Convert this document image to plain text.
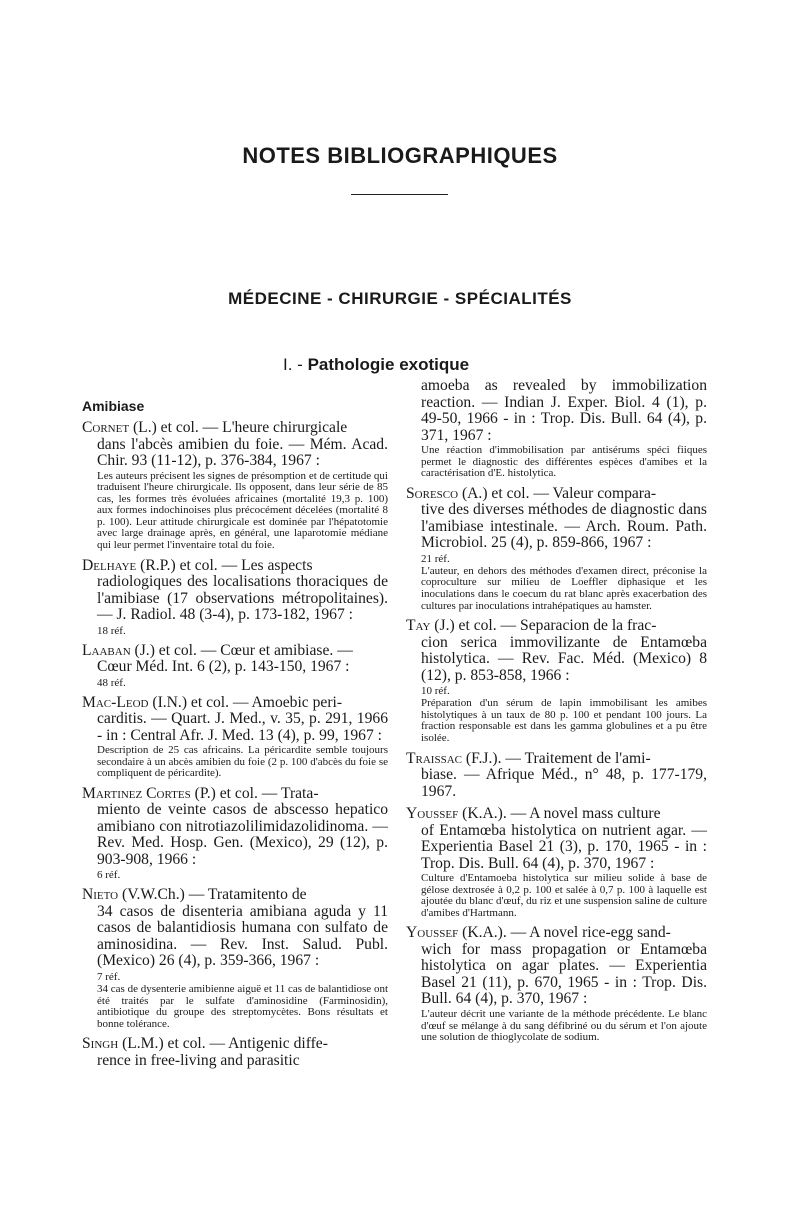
NOTES BIBLIOGRAPHIQUES
MÉDECINE - CHIRURGIE - SPÉCIALITÉS
I. - Pathologie exotique
Amibiase
Cornet (L.) et col. — L'heure chirurgicale
dans l'abcès amibien du foie. — Mém. Acad. Chir. 93 (11-12), p. 376-384, 1967 :
Les auteurs précisent les signes de présomption et de certitude qui traduisent l'heure chirurgicale. Ils opposent, dans leur série de 85 cas, les formes très évoluées africaines (mortalité 19,3 p. 100) aux formes indochinoises plus précocément décelées (mortalité 8 p. 100). Leur attitude chirurgicale est dominée par l'hépatotomie avec large drainage après, en général, une laparotomie médiane qui leur permet l'inventaire total du foie.
Delhaye (R.P.) et col. — Les aspects
radiologiques des localisations thoraciques de l'amibiase (17 observations métropolitaines). — J. Radiol. 48 (3-4), p. 173-182, 1967 :
18 réf.
Laaban (J.) et col. — Cœur et amibiase. —
Cœur Méd. Int. 6 (2), p. 143-150, 1967 :
48 réf.
Mac-Leod (I.N.) et col. — Amoebic peri-
carditis. — Quart. J. Med., v. 35, p. 291, 1966 - in : Central Afr. J. Med. 13 (4), p. 99, 1967 :
Description de 25 cas africains. La péricardite semble toujours secondaire à un abcès amibien du foie (2 p. 100 d'abcès du foie se compliquent de péricardite).
Martinez Cortes (P.) et col. — Trata-
miento de veinte casos de abscesso hepatico amibiano con nitrotiazolilimidazolidinoma. — Rev. Med. Hosp. Gen. (Mexico), 29 (12), p. 903-908, 1966 :
6 réf.
Nieto (V.W.Ch.) — Tratamitento de
34 casos de disenteria amibiana aguda y 11 casos de balantidiosis humana con sulfato de aminosidina. — Rev. Inst. Salud. Publ. (Mexico) 26 (4), p. 359-366, 1967 :
7 réf.
34 cas de dysenterie amibienne aiguë et 11 cas de balantidiose ont été traités par le sulfate d'aminosidine (Farminosidin), antibiotique du groupe des streptomycètes. Bons résultats et bonne tolérance.
Singh (L.M.) et col. — Antigenic diffe-
rence in free-living and parasitic
amoeba as revealed by immobilization reaction. — Indian J. Exper. Biol. 4 (1), p. 49-50, 1966 - in : Trop. Dis. Bull. 64 (4), p. 371, 1967 :
Une réaction d'immobilisation par antisérums spéci fiiques permet le diagnostic des différentes espèces d'amibes et la caractérisation d'E. histolytica.
Soresco (A.) et col. — Valeur compara-
tive des diverses méthodes de diagnostic dans l'amibiase intestinale. — Arch. Roum. Path. Microbiol. 25 (4), p. 859-866, 1967 :
21 réf.
L'auteur, en dehors des méthodes d'examen direct, préconise la coproculture sur milieu de Loeffler diphasique et les inoculations dans le coecum du rat blanc après exacerbation des cultures par inoculations intrahépatiques au hamster.
Tay (J.) et col. — Separacion de la frac-
cion serica immovilizante de Entamœba histolytica. — Rev. Fac. Méd. (Mexico) 8 (12), p. 853-858, 1966 :
10 réf.
Préparation d'un sérum de lapin immobilisant les amibes histolytiques à un taux de 80 p. 100 et pendant 100 jours. La fraction responsable est dans les gamma globulines et a pu être isolée.
Traissac (F.J.). — Traitement de l'ami-
biase. — Afrique Méd., n° 48, p. 177-179, 1967.
Youssef (K.A.). — A novel mass culture
of Entamœba histolytica on nutrient agar. — Experientia Basel 21 (3), p. 170, 1965 - in : Trop. Dis. Bull. 64 (4), p. 370, 1967 :
Culture d'Entamoeba histolytica sur milieu solide à base de gélose dextrosée à 0,2 p. 100 et salée à 0,7 p. 100 à laquelle est ajoutée du blanc d'œuf, du riz et une suspension saline de culture d'amibes d'Hartmann.
Youssef (K.A.). — A novel rice-egg sand-
wich for mass propagation or Entamœba histolytica on agar plates. — Experientia Basel 21 (11), p. 670, 1965 - in : Trop. Dis. Bull. 64 (4), p. 370, 1967 :
L'auteur décrit une variante de la méthode précédente. Le blanc d'œuf se mélange à du sang défibriné ou du sérum et l'on ajoute une solution de thioglycolate de sodium.
